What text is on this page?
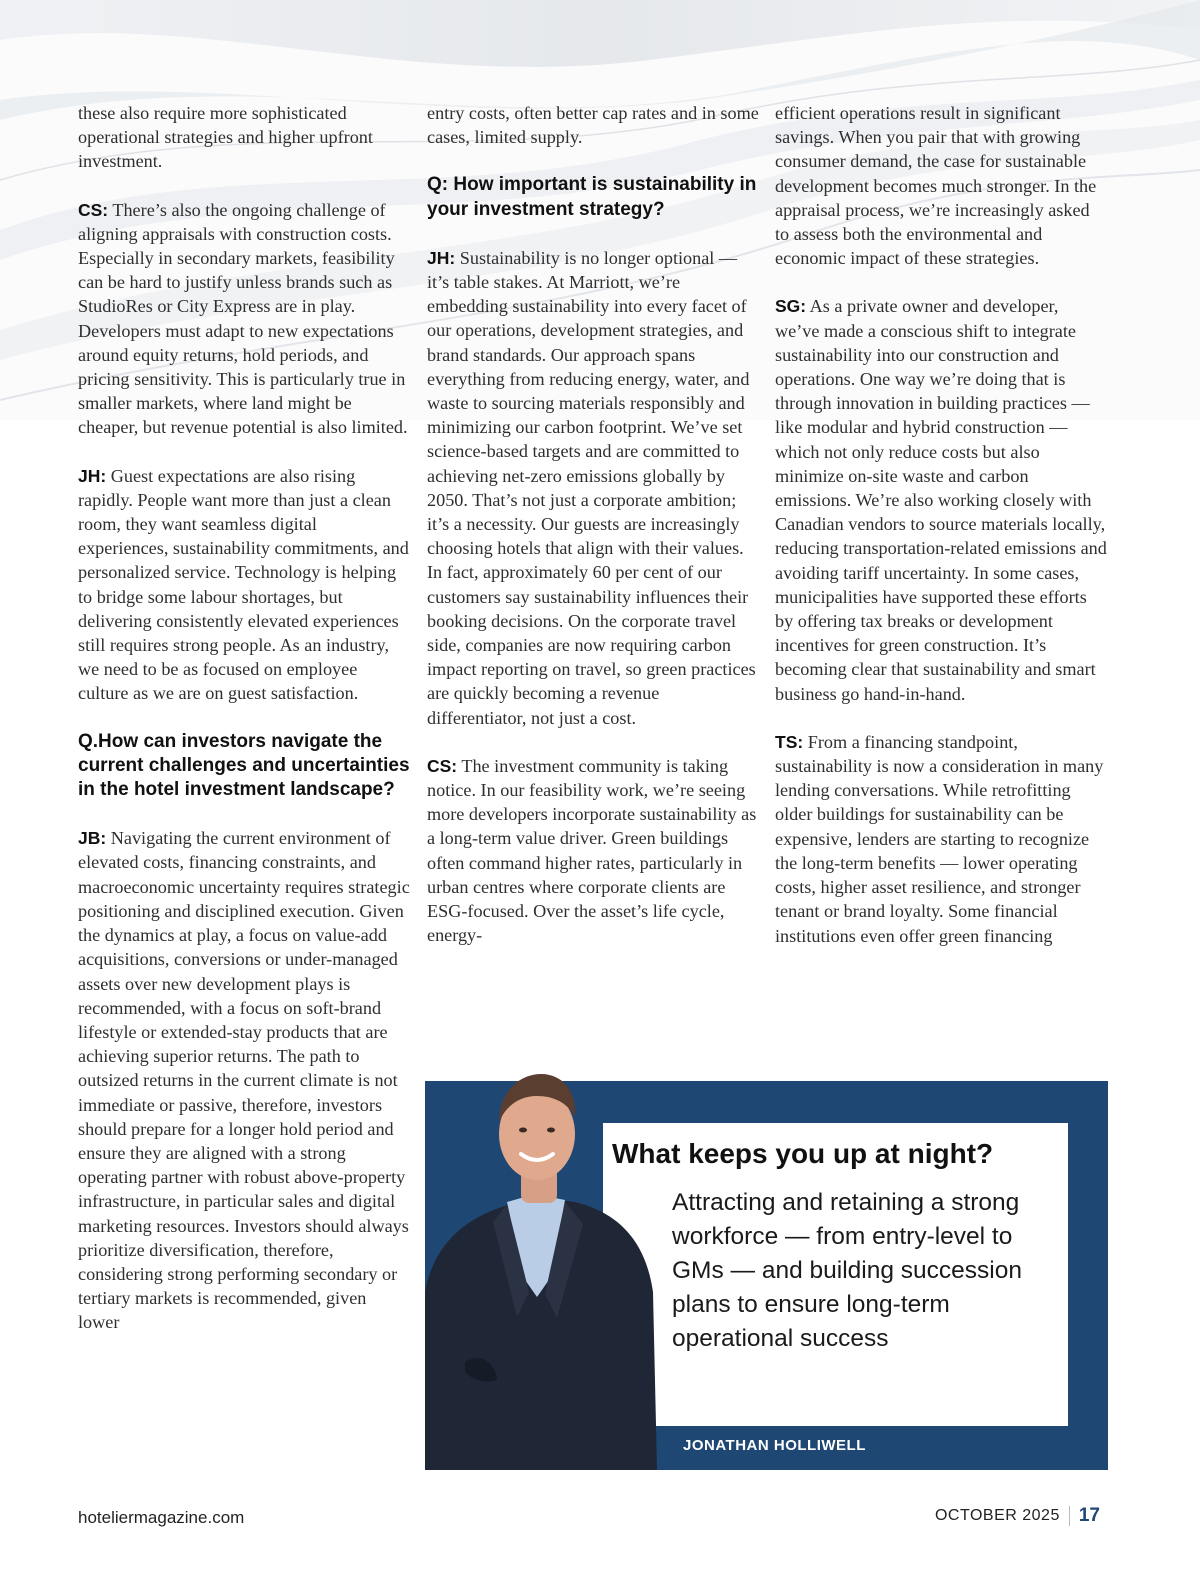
these also require more sophisticated operational strategies and higher upfront investment.

CS: There’s also the ongoing challenge of aligning appraisals with construction costs. Especially in secondary markets, feasibility can be hard to justify unless brands such as StudioRes or City Express are in play. Developers must adapt to new expectations around equity returns, hold periods, and pricing sensitivity. This is particularly true in smaller markets, where land might be cheaper, but revenue potential is also limited.

JH: Guest expectations are also rising rapidly. People want more than just a clean room, they want seamless digital experiences, sustainability commitments, and personalized service. Technology is helping to bridge some labour shortages, but delivering consistently elevated experiences still requires strong people. As an industry, we need to be as focused on employee culture as we are on guest satisfaction.

Q.How can investors navigate the current challenges and uncertainties in the hotel investment landscape?

JB: Navigating the current environment of elevated costs, financing constraints, and macroeconomic uncertainty requires strategic positioning and disciplined execution. Given the dynamics at play, a focus on value-add acquisitions, conversions or under-managed assets over new development plays is recommended, with a focus on soft-brand lifestyle or extended-stay products that are achieving superior returns. The path to outsized returns in the current climate is not immediate or passive, therefore, investors should prepare for a longer hold period and ensure they are aligned with a strong operating partner with robust above-property infrastructure, in particular sales and digital marketing resources. Investors should always prioritize diversification, therefore, considering strong performing secondary or tertiary markets is recommended, given lower

entry costs, often better cap rates and in some cases, limited supply.

Q: How important is sustainability in your investment strategy?

JH: Sustainability is no longer optional — it’s table stakes. At Marriott, we’re embedding sustainability into every facet of our operations, development strategies, and brand standards. Our approach spans everything from reducing energy, water, and waste to sourcing materials responsibly and minimizing our carbon footprint. We’ve set science-based targets and are committed to achieving net-zero emissions globally by 2050. That’s not just a corporate ambition; it’s a necessity. Our guests are increasingly choosing hotels that align with their values. In fact, approximately 60 per cent of our customers say sustainability influences their booking decisions. On the corporate travel side, companies are now requiring carbon impact reporting on travel, so green practices are quickly becoming a revenue differentiator, not just a cost.

CS: The investment community is taking notice. In our feasibility work, we’re seeing more developers incorporate sustainability as a long-term value driver. Green buildings often command higher rates, particularly in urban centres where corporate clients are ESG-focused. Over the asset’s life cycle, energy-

efficient operations result in significant savings. When you pair that with growing consumer demand, the case for sustainable development becomes much stronger. In the appraisal process, we’re increasingly asked to assess both the environmental and economic impact of these strategies.

SG: As a private owner and developer, we’ve made a conscious shift to integrate sustainability into our construction and operations. One way we’re doing that is through innovation in building practices — like modular and hybrid construction — which not only reduce costs but also minimize on-site waste and carbon emissions. We’re also working closely with Canadian vendors to source materials locally, reducing transportation-related emissions and avoiding tariff uncertainty. In some cases, municipalities have supported these efforts by offering tax breaks or development incentives for green construction. It’s becoming clear that sustainability and smart business go hand-in-hand.

TS: From a financing standpoint, sustainability is now a consideration in many lending conversations. While retrofitting older buildings for sustainability can be expensive, lenders are starting to recognize the long-term benefits — lower operating costs, higher asset resilience, and stronger tenant or brand loyalty. Some financial institutions even offer green financing

What keeps you up at night?
Attracting and retaining a strong workforce — from entry-level to GMs — and building succession plans to ensure long-term operational success
JONATHAN HOLLIWELL
hoteliermagazine.com	OCTOBER 2025 17
